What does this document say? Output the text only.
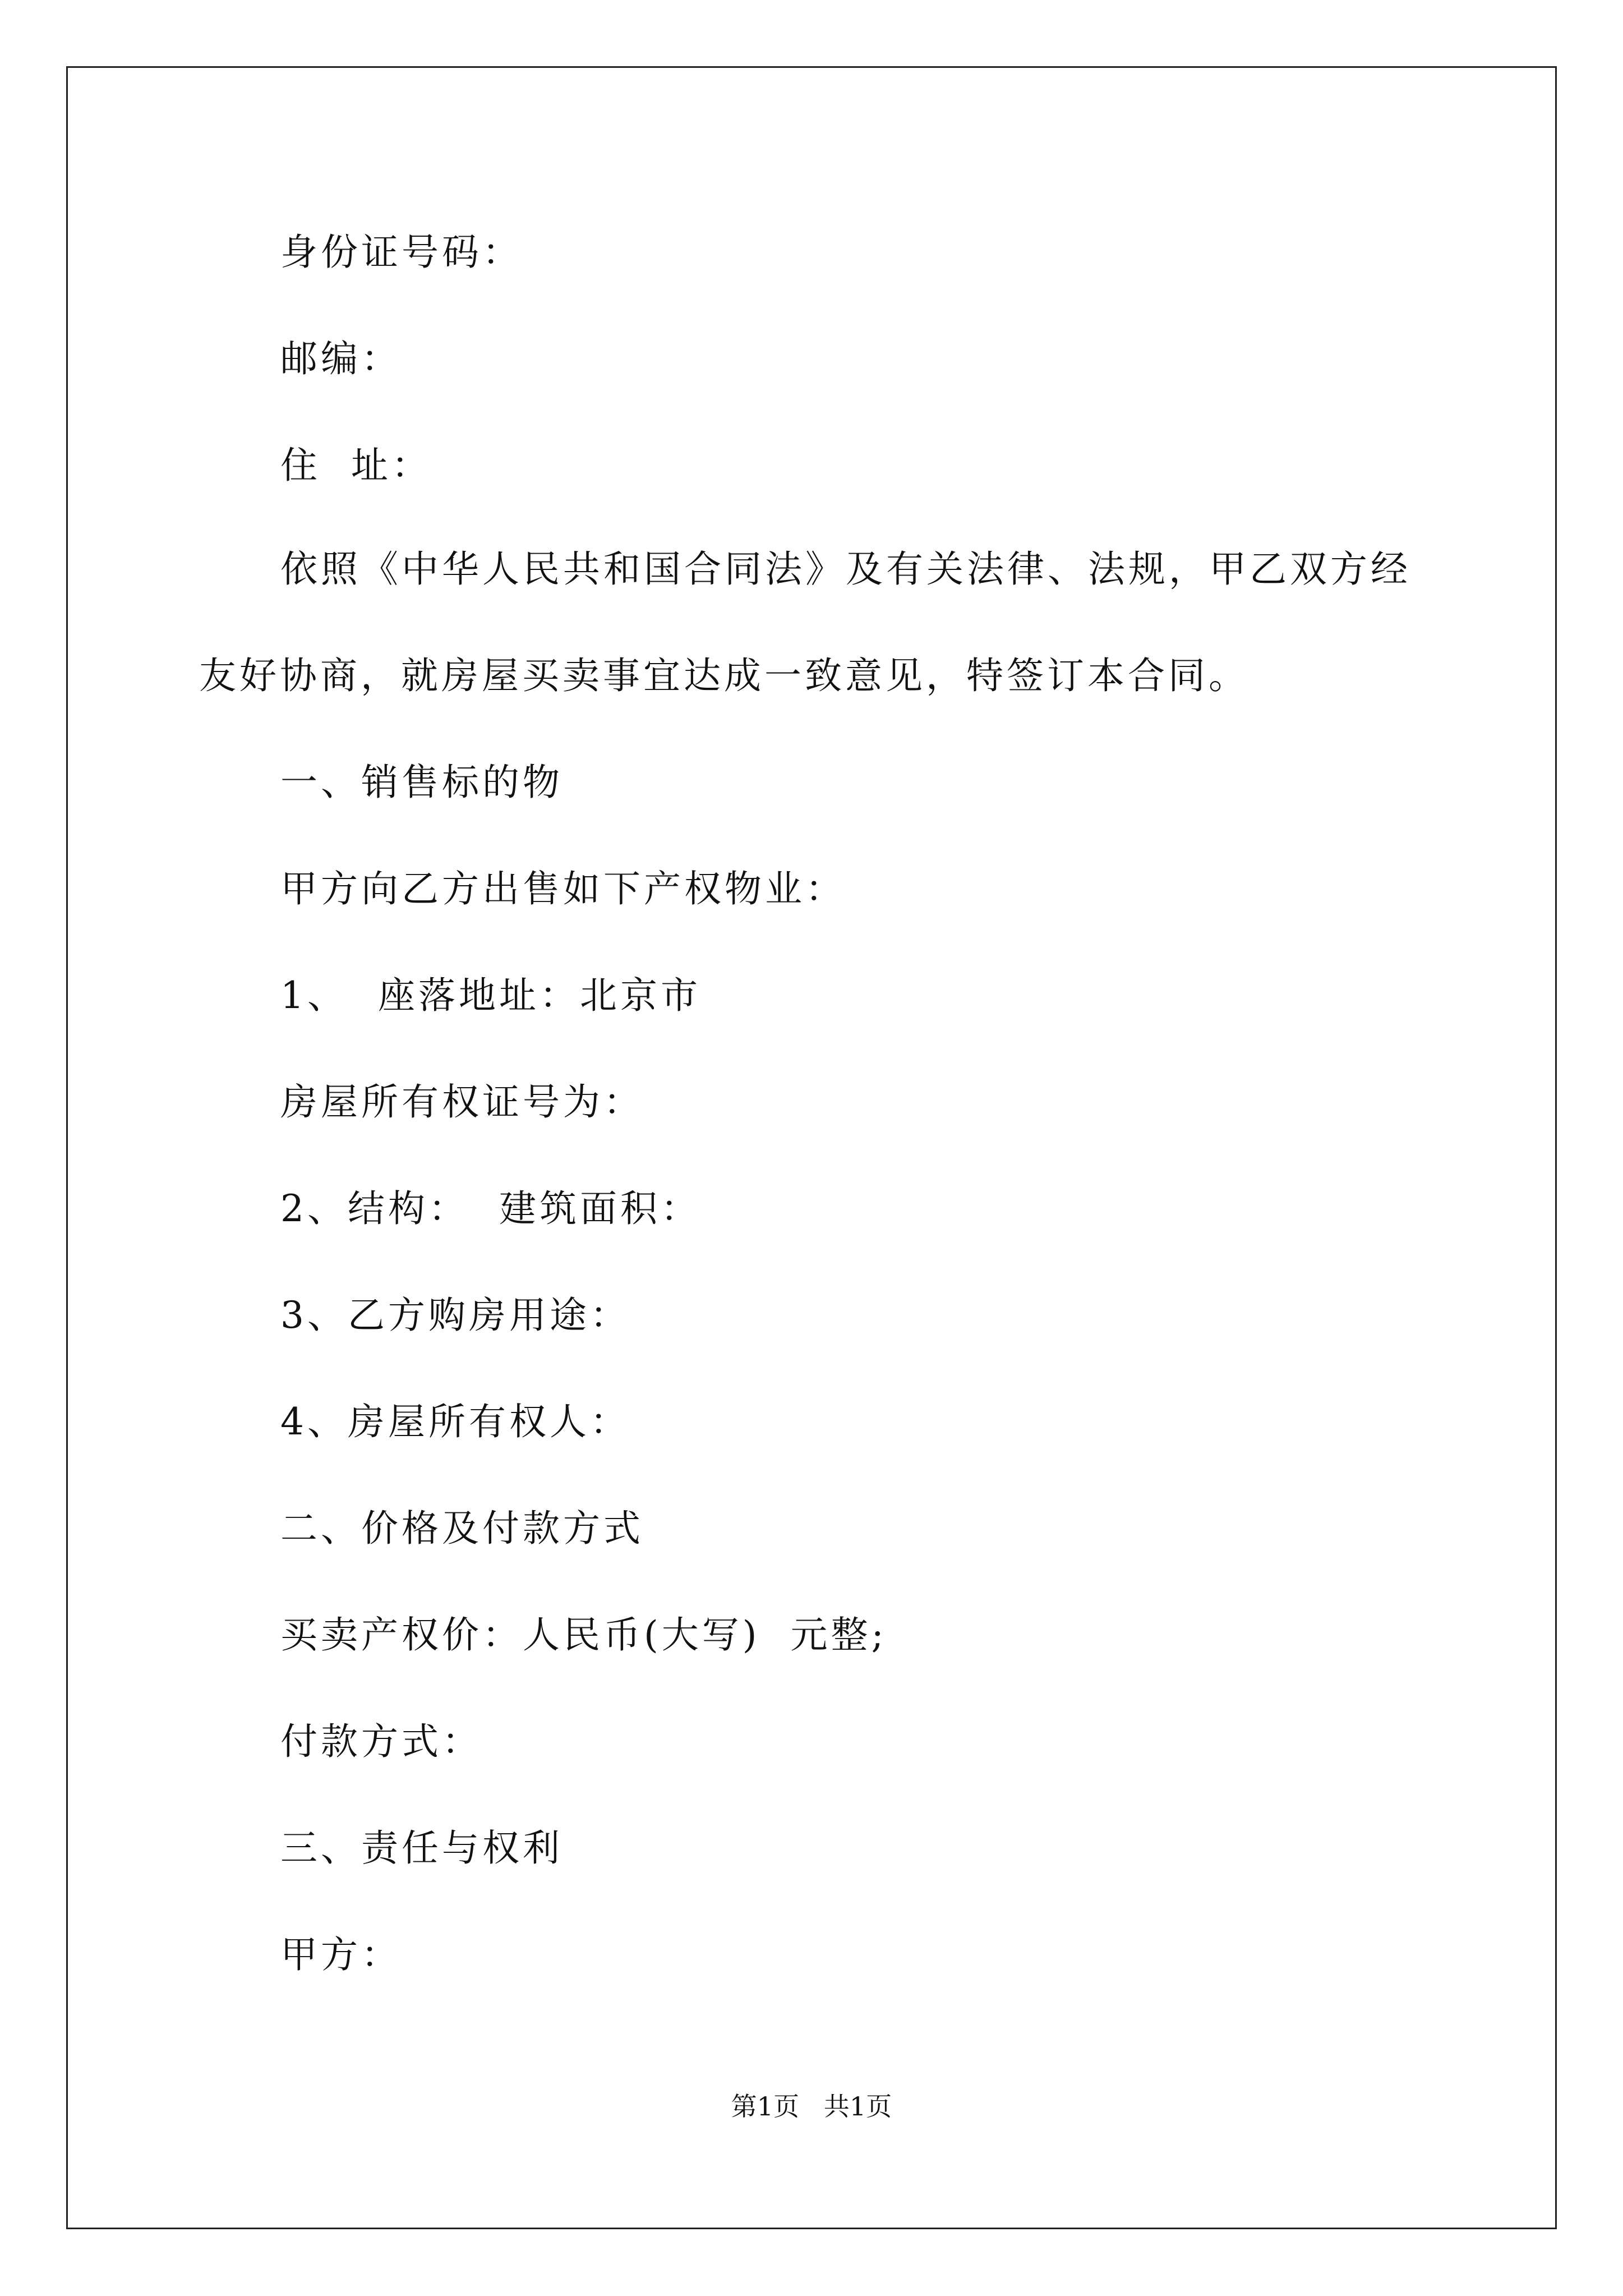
身份证号码：
邮编：
住  址：
依照《中华人民共和国合同法》及有关法律、法规，甲乙双方经
友好协商，就房屋买卖事宜达成一致意见，特签订本合同。
一、销售标的物
甲方向乙方出售如下产权物业：
1、  座落地址：北京市
房屋所有权证号为：
2、结构：  建筑面积：
3、乙方购房用途：
4、房屋所有权人：
二、价格及付款方式
买卖产权价：人民币(大写)  元整;
付款方式：
三、责任与权利
甲方：
第1页   共1页
